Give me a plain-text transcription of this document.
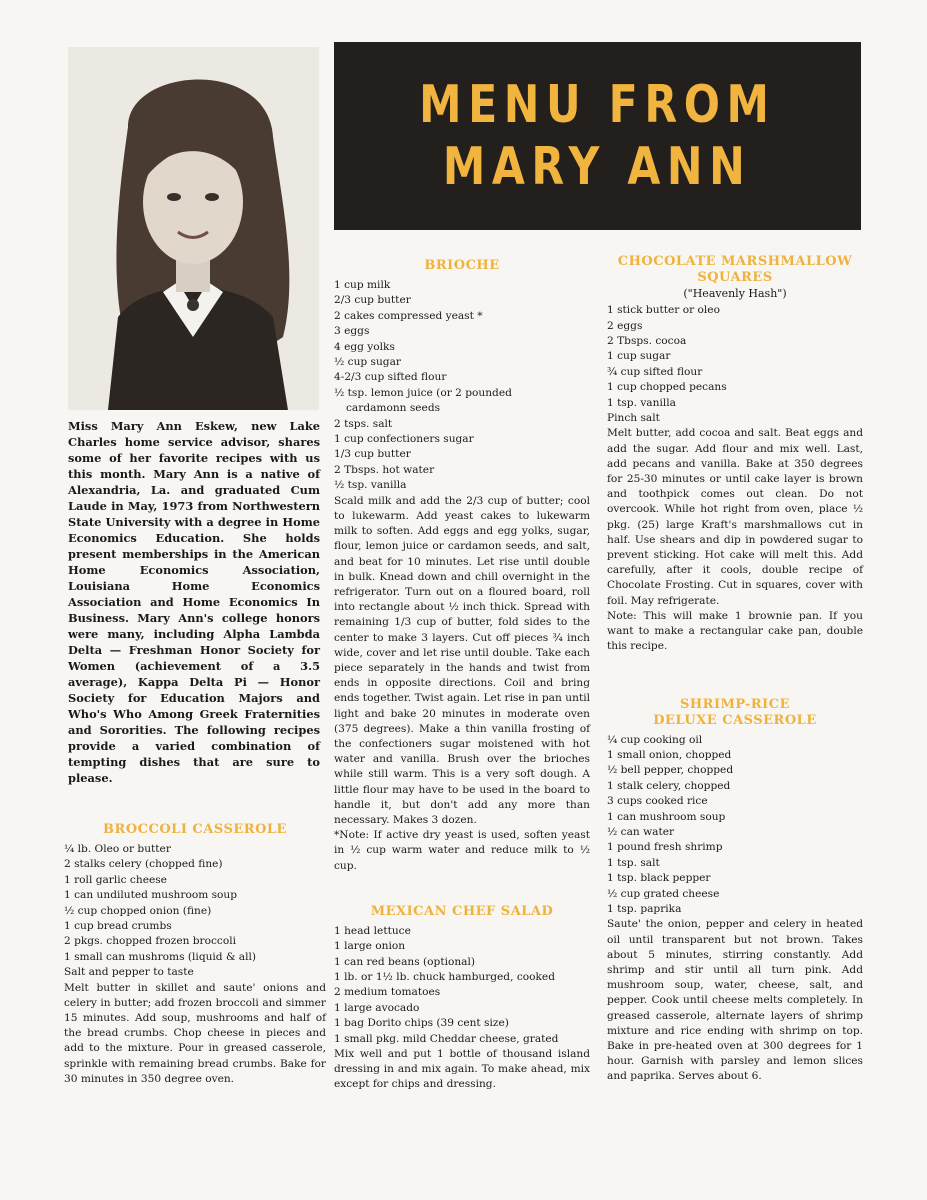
MENU FROM
MARY ANN
Miss Mary Ann Eskew, new Lake Charles home service advisor, shares some of her favorite recipes with us this month. Mary Ann is a native of Alexandria, La. and graduated Cum Laude in May, 1973 from Northwestern State University with a degree in Home Economics Education. She holds present memberships in the American Home Economics Association, Louisiana Home Economics Association and Home Economics In Business. Mary Ann's college honors were many, including Alpha Lambda Delta — Freshman Honor Society for Women (achievement of a 3.5 average), Kappa Delta Pi — Honor Society for Education Majors and Who's Who Among Greek Fraternities and Sororities. The following recipes provide a varied combination of tempting dishes that are sure to please.
BROCCOLI CASSEROLE
¼ lb. Oleo or butter
2 stalks celery (chopped fine)
1 roll garlic cheese
1 can undiluted mushroom soup
½ cup chopped onion (fine)
1 cup bread crumbs
2 pkgs. chopped frozen broccoli
1 small can mushroms (liquid & all)
Salt and pepper to taste
Melt butter in skillet and saute' onions and celery in butter; add frozen broccoli and simmer 15 minutes. Add soup, mushrooms and half of the bread crumbs. Chop cheese in pieces and add to the mixture. Pour in greased casserole, sprinkle with remaining bread crumbs. Bake for 30 minutes in 350 degree oven.
BRIOCHE
1 cup milk
2/3 cup butter
2 cakes compressed yeast *
3 eggs
4 egg yolks
½ cup sugar
4-2/3 cup sifted flour
½ tsp. lemon juice (or 2 pounded
cardamonn seeds
2 tsps. salt
1 cup confectioners sugar
1/3 cup butter
2 Tbsps. hot water
½ tsp. vanilla
Scald milk and add the 2/3 cup of butter; cool to lukewarm. Add yeast cakes to lukewarm milk to soften. Add eggs and egg yolks, sugar, flour, lemon juice or cardamon seeds, and salt, and beat for 10 minutes. Let rise until double in bulk. Knead down and chill overnight in the refrigerator. Turn out on a floured board, roll into rectangle about ½ inch thick. Spread with remaining 1/3 cup of butter, fold sides to the center to make 3 layers. Cut off pieces ¾ inch wide, cover and let rise until double. Take each piece separately in the hands and twist from ends in opposite directions. Coil and bring ends together. Twist again. Let rise in pan until light and bake 20 minutes in moderate oven (375 degrees). Make a thin vanilla frosting of the confectioners sugar moistened with hot water and vanilla. Brush over the brioches while still warm. This is a very soft dough. A little flour may have to be used in the board to handle it, but don't add any more than necessary. Makes 3 dozen.
*Note: If active dry yeast is used, soften yeast in ½ cup warm water and reduce milk to ½ cup.
MEXICAN CHEF SALAD
1 head lettuce
1 large onion
1 can red beans (optional)
1 lb. or 1½ lb. chuck hamburged, cooked
2 medium tomatoes
1 large avocado
1 bag Dorito chips (39 cent size)
1 small pkg. mild Cheddar cheese, grated
Mix well and put 1 bottle of thousand island dressing in and mix again. To make ahead, mix except for chips and dressing.
CHOCOLATE MARSHMALLOW
SQUARES
("Heavenly Hash")
1 stick butter or oleo
2 eggs
2 Tbsps. cocoa
1 cup sugar
¾ cup sifted flour
1 cup chopped pecans
1 tsp. vanilla
Pinch salt
Melt butter, add cocoa and salt. Beat eggs and add the sugar. Add flour and mix well. Last, add pecans and vanilla. Bake at 350 degrees for 25-30 minutes or until cake layer is brown and toothpick comes out clean. Do not overcook. While hot right from oven, place ½ pkg. (25) large Kraft's marshmallows cut in half. Use shears and dip in powdered sugar to prevent sticking. Hot cake will melt this. Add carefully, after it cools, double recipe of Chocolate Frosting. Cut in squares, cover with foil. May refrigerate.
Note: This will make 1 brownie pan. If you want to make a rectangular cake pan, double this recipe.
SHRIMP-RICE
DELUXE CASSEROLE
¼ cup cooking oil
1 small onion, chopped
½ bell pepper, chopped
1 stalk celery, chopped
3 cups cooked rice
1 can mushroom soup
½ can water
1 pound fresh shrimp
1 tsp. salt
1 tsp. black pepper
½ cup grated cheese
1 tsp. paprika
Saute' the onion, pepper and celery in heated oil until transparent but not brown. Takes about 5 minutes, stirring constantly. Add shrimp and stir until all turn pink. Add mushroom soup, water, cheese, salt, and pepper. Cook until cheese melts completely. In greased casserole, alternate layers of shrimp mixture and rice ending with shrimp on top. Bake in pre-heated oven at 300 degrees for 1 hour. Garnish with parsley and lemon slices and paprika. Serves about 6.
